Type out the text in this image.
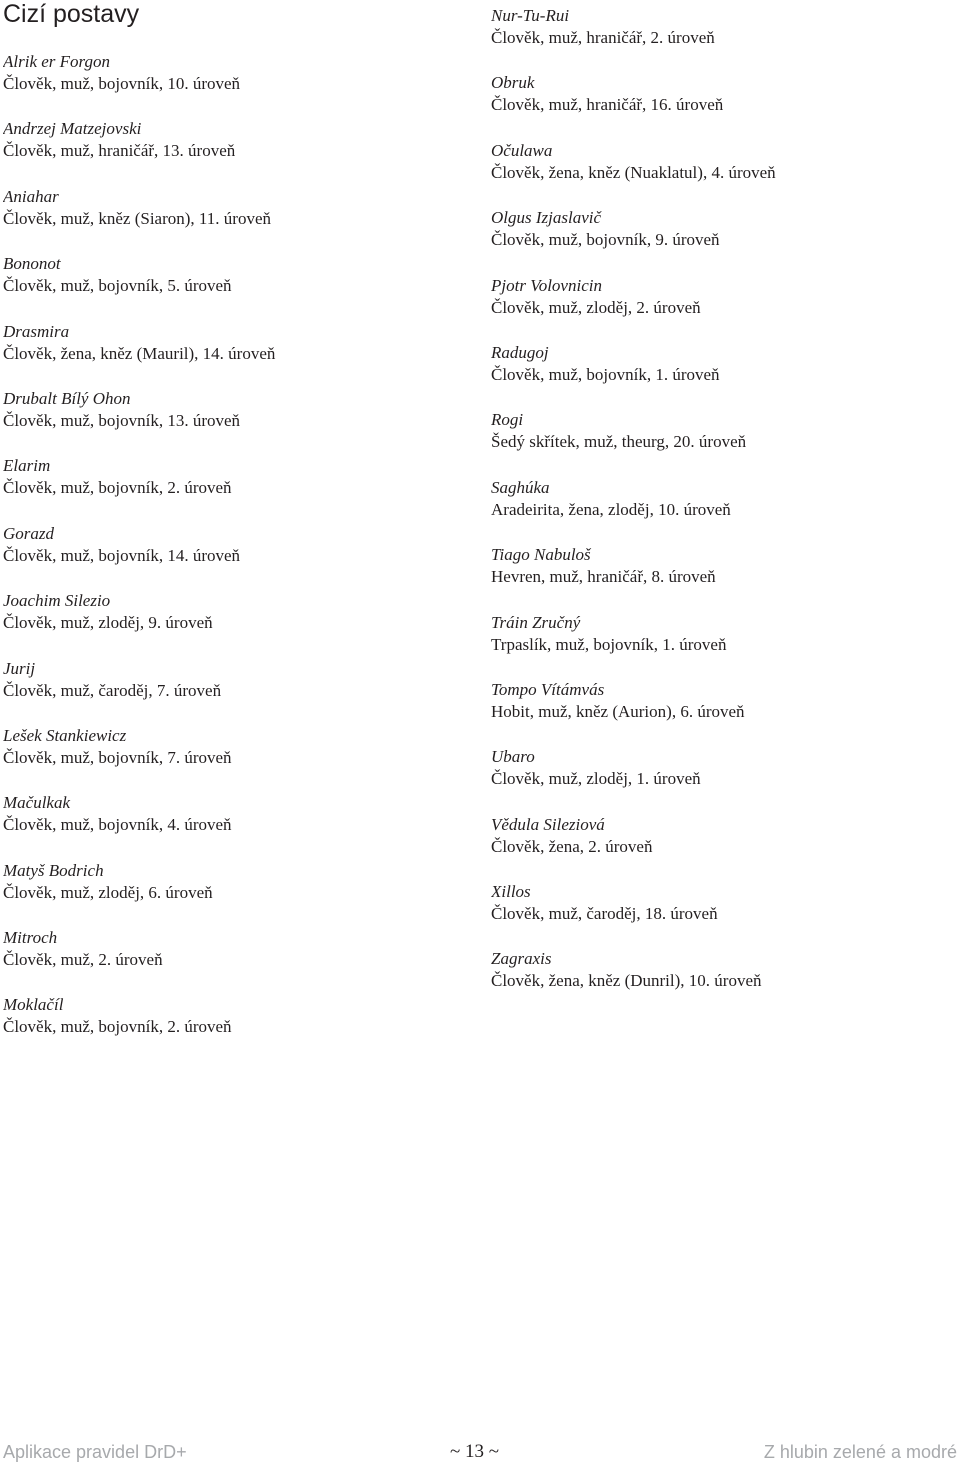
Cizí postavy
Alrik er Forgon
Člověk, muž, bojovník, 10. úroveň
Andrzej Matzejovski
Člověk, muž, hraničář, 13. úroveň
Aniahar
Člověk, muž, kněz (Siaron), 11. úroveň
Bononot
Člověk, muž, bojovník, 5. úroveň
Drasmira
Člověk, žena, kněz (Mauril), 14. úroveň
Drubalt Bílý Ohon
Člověk, muž, bojovník, 13. úroveň
Elarim
Člověk, muž, bojovník, 2. úroveň
Gorazd
Člověk, muž, bojovník, 14. úroveň
Joachim Silezio
Člověk, muž, zloděj, 9. úroveň
Jurij
Člověk, muž, čaroděj, 7. úroveň
Lešek Stankiewicz
Člověk, muž, bojovník, 7. úroveň
Mačulkak
Člověk, muž, bojovník, 4. úroveň
Matyš Bodrich
Člověk, muž, zloděj, 6. úroveň
Mitroch
Člověk, muž, 2. úroveň
Moklačíl
Člověk, muž, bojovník, 2. úroveň
Nur-Tu-Rui
Člověk, muž, hraničář, 2. úroveň
Obruk
Člověk, muž, hraničář, 16. úroveň
Očulawa
Člověk, žena, kněz (Nuaklatul), 4. úroveň
Olgus Izjaslavič
Člověk, muž, bojovník, 9. úroveň
Pjotr Volovnicin
Člověk, muž, zloděj, 2. úroveň
Radugoj
Člověk, muž, bojovník, 1. úroveň
Rogi
Šedý skřítek, muž, theurg, 20. úroveň
Saghúka
Aradeirita, žena, zloděj, 10. úroveň
Tiago Nabuloš
Hevren, muž, hraničář, 8. úroveň
Tráin Zručný
Trpaslík, muž, bojovník, 1. úroveň
Tompo Vítámvás
Hobit, muž, kněz (Aurion), 6. úroveň
Ubaro
Člověk, muž, zloděj, 1. úroveň
Vědula Sileziová
Člověk, žena, 2. úroveň
Xillos
Člověk, muž, čaroděj, 18. úroveň
Zagraxis
Člověk, žena, kněz (Dunril), 10. úroveň
Aplikace pravidel DrD+	~ 13 ~	Z hlubin zelené a modré
